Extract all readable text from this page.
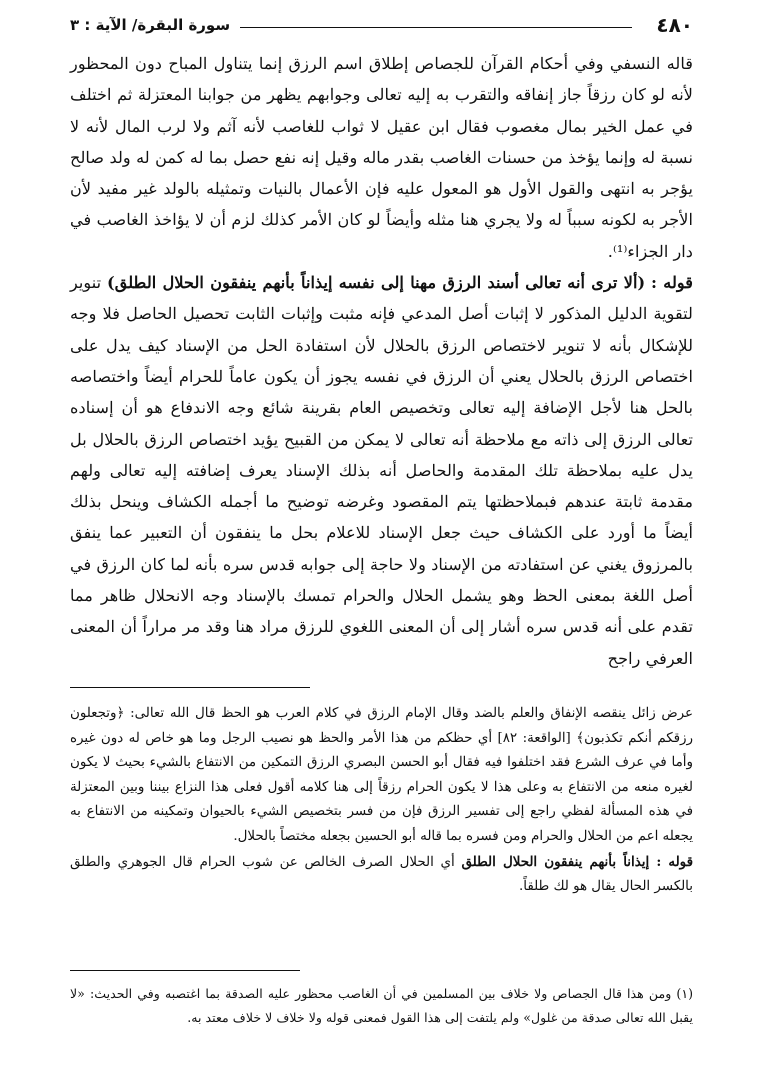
٤٨٠
سورة البقرة/ الآية : ٣

قاله النسفي وفي أحكام القرآن للجصاص إطلاق اسم الرزق إنما يتناول المباح دون المحظور لأنه لو كان رزقاً جاز إنفاقه والتقرب به إليه تعالى وجوابهم يظهر من جوابنا المعتزلة ثم اختلف في عمل الخير بمال مغصوب فقال ابن عقيل لا ثواب للغاصب لأنه آثم ولا لرب المال لأنه لا نسبة له وإنما يؤخذ من حسنات الغاصب بقدر ماله وقيل إنه نفع حصل بما له كمن له ولد صالح يؤجر به انتهى والقول الأول هو المعول عليه فإن الأعمال بالنيات وتمثيله بالولد غير مفيد لأن الأجر به لكونه سبباً له ولا يجري هنا مثله وأيضاً لو كان الأمر كذلك لزم أن لا يؤاخذ الغاصب في دار الجزاء⁽¹⁾.

قوله : (ألا ترى أنه تعالى أسند الرزق مهنا إلى نفسه إيذاناً بأنهم ينفقون الحلال الطلق) تنوير لتقوية الدليل المذكور لا إثبات أصل المدعي فإنه مثبت وإثبات الثابت تحصيل الحاصل فلا وجه للإشكال بأنه لا تنوير لاختصاص الرزق بالحلال لأن استفادة الحل من الإسناد كيف يدل على اختصاص الرزق بالحلال يعني أن الرزق في نفسه يجوز أن يكون عاماً للحرام أيضاً واختصاصه بالحل هنا لأجل الإضافة إليه تعالى وتخصيص العام بقرينة شائع وجه الاندفاع هو أن إسناده تعالى الرزق إلى ذاته مع ملاحظة أنه تعالى لا يمكن من القبيح يؤيد اختصاص الرزق بالحلال بل يدل عليه بملاحظة تلك المقدمة والحاصل أنه بذلك الإسناد يعرف إضافته إليه تعالى ولهم مقدمة ثابتة عندهم فبملاحظتها يتم المقصود وغرضه توضيح ما أجمله الكشاف وينحل بذلك أيضاً ما أورد على الكشاف حيث جعل الإسناد للاعلام بحل ما ينفقون أن التعبير عما ينفق بالمرزوق يغني عن استفادته من الإسناد ولا حاجة إلى جوابه قدس سره بأنه لما كان الرزق في أصل اللغة بمعنى الحظ وهو يشمل الحلال والحرام تمسك بالإسناد وجه الانحلال ظاهر مما تقدم على أنه قدس سره أشار إلى أن المعنى اللغوي للرزق مراد هنا وقد مر مراراً أن المعنى العرفي راجح

عرض زائل ينقصه الإنفاق والعلم بالضد وقال الإمام الرزق في كلام العرب هو الحظ قال الله تعالى: ﴿وتجعلون رزقكم أنكم تكذبون﴾ [الواقعة: ٨٢] أي حظكم من هذا الأمر والحظ هو نصيب الرجل وما هو خاص له دون غيره وأما في عرف الشرع فقد اختلفوا فيه فقال أبو الحسن البصري الرزق التمكين من الانتفاع بالشيء بحيث لا يكون لغيره منعه من الانتفاع به وعلى هذا لا يكون الحرام رزقاً إلى هنا كلامه أقول فعلى هذا النزاع بيننا وبين المعتزلة في هذه المسألة لفظي راجع إلى تفسير الرزق فإن من فسر بتخصيص الشيء بالحيوان وتمكينه من الانتفاع به يجعله اعم من الحلال والحرام ومن فسره بما قاله أبو الحسين بجعله مختصاً بالحلال.

قوله : إيذاناً بأنهم ينفقون الحلال الطلق أي الحلال الصرف الخالص عن شوب الحرام قال الجوهري والطلق بالكسر الحال يقال هو لك طلقاً.

(١) ومن هذا قال الجصاص ولا خلاف بين المسلمين في أن الغاصب محظور عليه الصدقة بما اغتصبه وفي الحديث: «لا يقبل الله تعالى صدقة من غلول» ولم يلتفت إلى هذا القول فمعنى قوله ولا خلاف لا خلاف معتد به.
